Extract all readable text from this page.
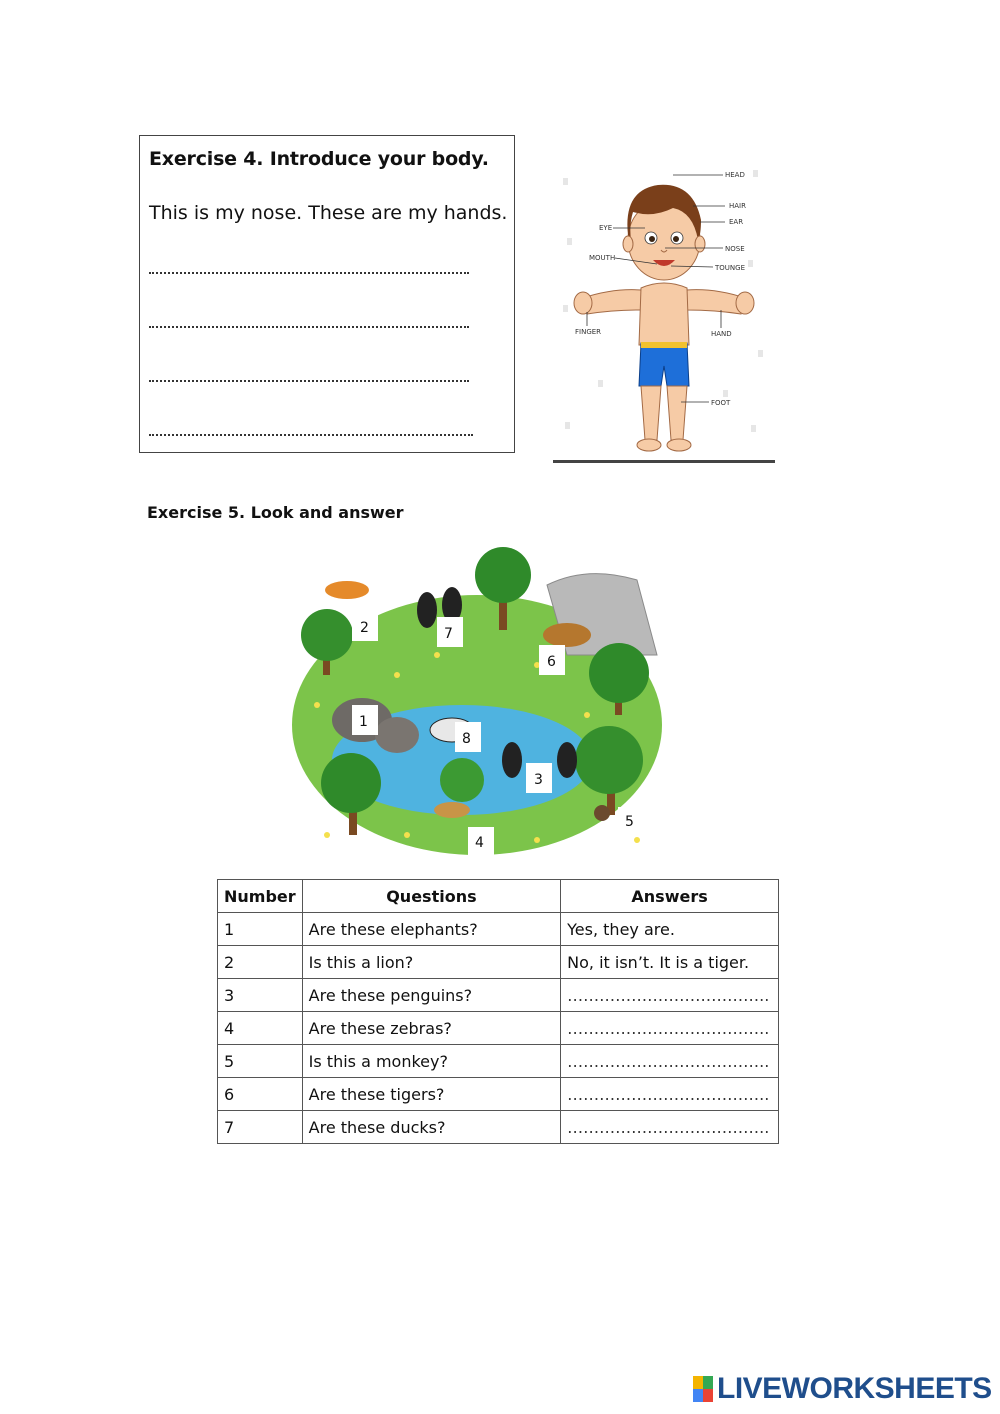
Exercise 4. Introduce your body.
This is my nose. These are my hands.
HEAD
HAIR
EAR
EYE
NOSE
MOUTH
TOUNGE
FINGER	HAND
FOOT
Exercise 5. Look and answer
1
2
3
4
5
6
7
8
Number	Questions	Answers
1	Are these elephants?	Yes, they are.
2	Is this a lion?	No, it isn’t. It is a tiger.
3	Are these penguins?	………………………………..
4	Are these zebras?	………………………………..
5	Is this a monkey?	………………………………..
6	Are these tigers?	………………………………..
7	Are these ducks?	………………………………..
LIVEWORKSHEETS
